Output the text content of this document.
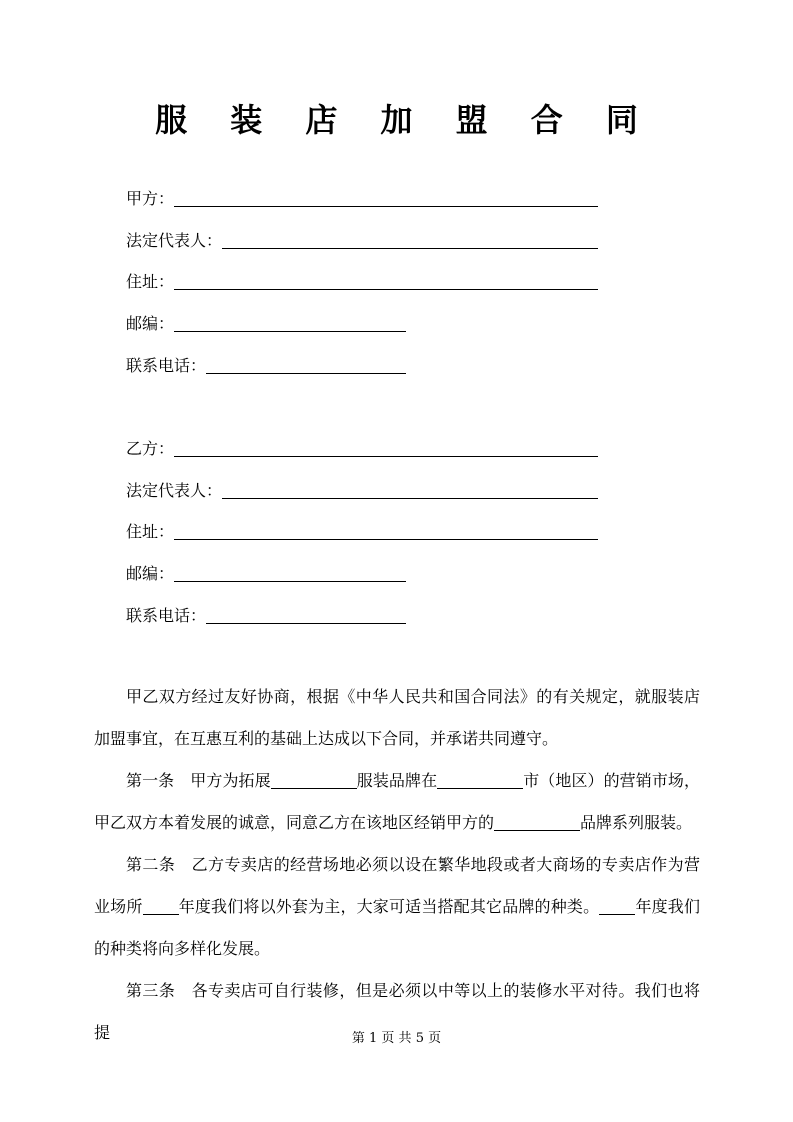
服 装 店 加 盟 合 同
甲方：
法定代表人：
住址：
邮编：
联系电话：
乙方：
法定代表人：
住址：
邮编：
联系电话：

甲乙双方经过友好协商，根据《中华人民共和国合同法》的有关规定，就服装店加盟事宜，在互惠互利的基础上达成以下合同，并承诺共同遵守。

第一条　甲方为拓展	服装品牌在	市（地区）的营销市场，甲乙双方本着发展的诚意，同意乙方在该地区经销甲方的	品牌系列服装。

第二条　乙方专卖店的经营场地必须以设在繁华地段或者大商场的专卖店作为营业场所 年度我们将以外套为主，大家可适当搭配其它品牌的种类。 年度我们的种类将向多样化发展。

第三条　各专卖店可自行装修，但是必须以中等以上的装修水平对待。我们也将提	第 1 页 共 5 页
